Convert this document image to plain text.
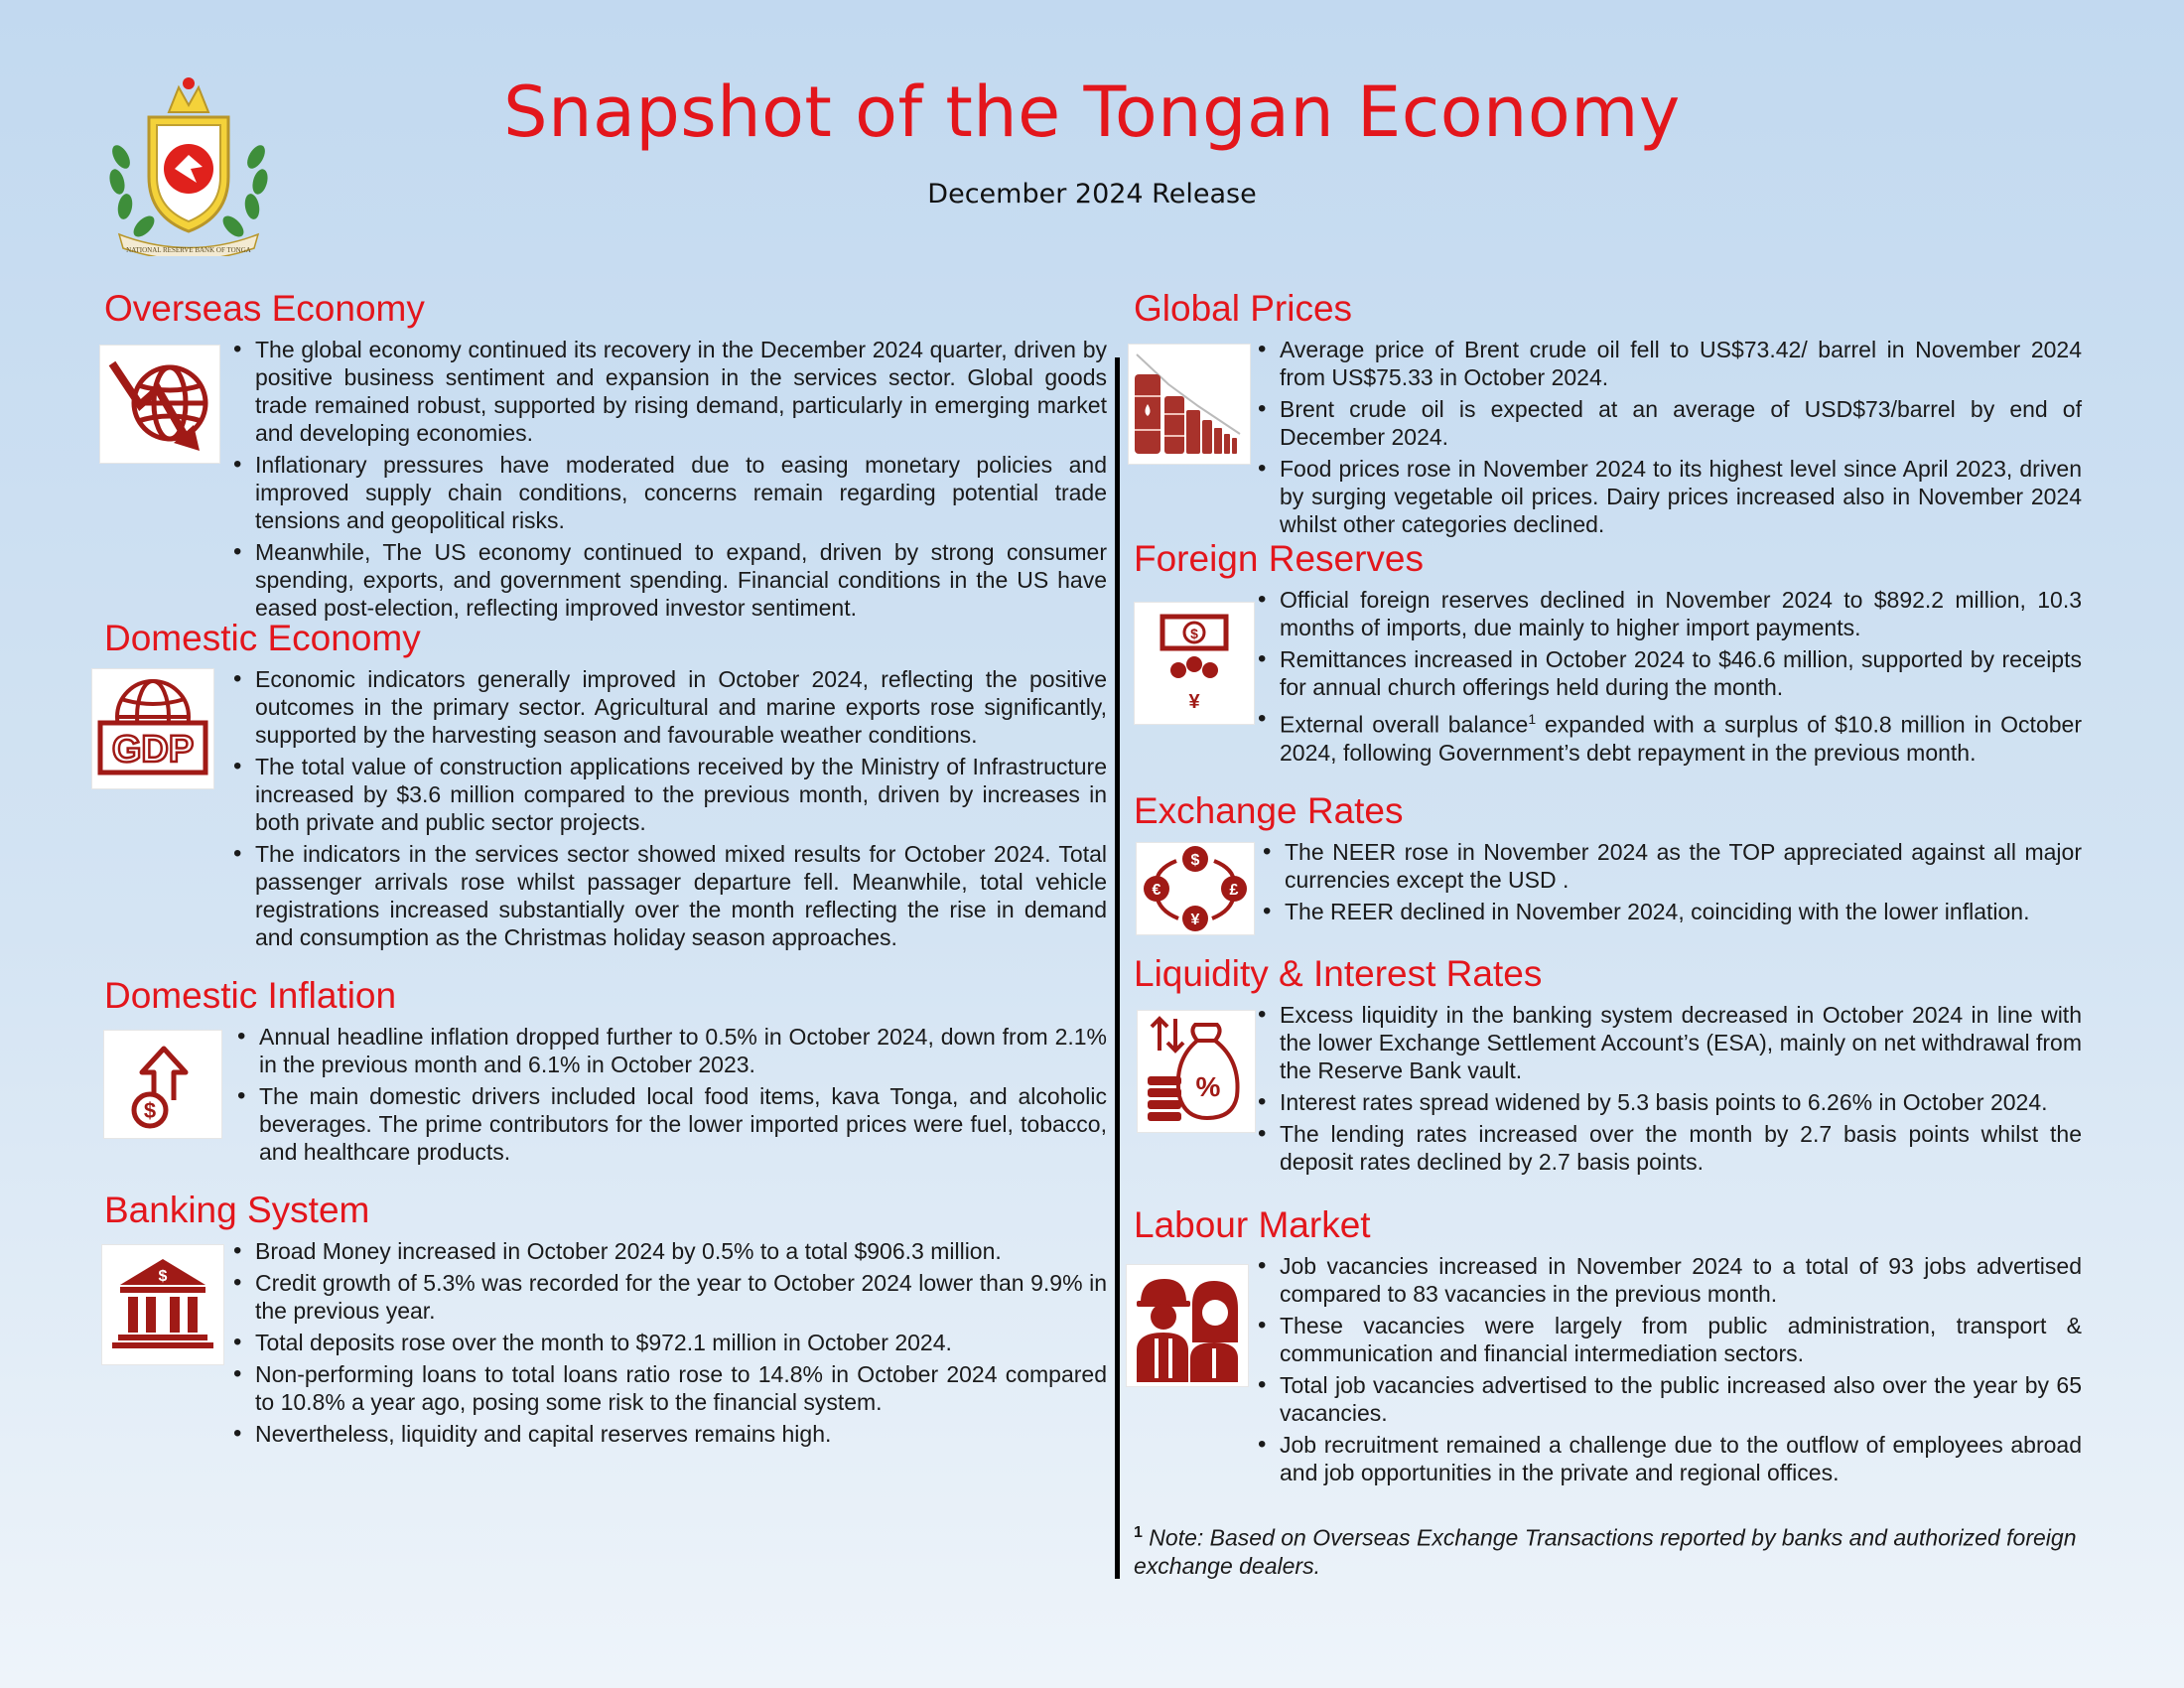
NATIONAL RESERVE BANK OF TONGA
Snapshot of the Tongan Economy
December 2024 Release
Overseas Economy
• The global economy continued its recovery in the December 2024 quarter, driven by positive business sentiment and expansion in the services sector. Global goods trade remained robust, supported by rising demand, particularly in emerging market and developing economies.
• Inflationary pressures have moderated due to easing monetary policies and improved supply chain conditions, concerns remain regarding potential trade tensions and geopolitical risks.
• Meanwhile, The US economy continued to expand, driven by strong consumer spending, exports, and government spending. Financial conditions in the US have eased post-election, reflecting improved investor sentiment.
Domestic Economy
GDP
• Economic indicators generally improved in October 2024, reflecting the positive outcomes in the primary sector. Agricultural and marine exports rose significantly, supported by the harvesting season and favourable weather conditions.
• The total value of construction applications received by the Ministry of Infrastructure increased by $3.6 million compared to the previous month, driven by increases in both private and public sector projects.
• The indicators in the services sector showed mixed results for October 2024. Total passenger arrivals rose whilst passager departure fell. Meanwhile, total vehicle registrations increased substantially over the month reflecting the rise in demand and consumption as the Christmas holiday season approaches.
Domestic Inflation
$
• Annual headline inflation dropped further to 0.5% in October 2024, down from 2.1% in the previous month and 6.1% in October 2023.
• The main domestic drivers included local food items, kava Tonga, and alcoholic beverages. The prime contributors for the lower imported prices were fuel, tobacco, and healthcare products.
Banking System
$
• Broad Money increased in October 2024 by 0.5% to a total $906.3 million.
• Credit growth of 5.3% was recorded for the year to October 2024 lower than 9.9% in the previous year.
• Total deposits rose over the month to $972.1 million in October 2024.
• Non-performing loans to total loans ratio rose to 14.8% in October 2024 compared to 10.8% a year ago, posing some risk to the financial system.
• Nevertheless, liquidity and capital reserves remains high.
Global Prices
• Average price of Brent crude oil fell to US$73.42/ barrel in November 2024 from US$75.33 in October 2024.
• Brent crude oil is expected at an average of USD$73/barrel by end of December 2024.
• Food prices rose in November 2024 to its highest level since April 2023, driven by surging vegetable oil prices. Dairy prices increased also in November 2024 whilst other categories declined.
Foreign Reserves
$
¥
• Official foreign reserves declined in November 2024 to $892.2 million, 10.3 months of imports, due mainly to higher import payments.
• Remittances increased in October 2024 to $46.6 million, supported by receipts for annual church offerings held during the month.
• External overall balance$^1$ expanded with a surplus of $10.8 million in October 2024, following Government’s debt repayment in the previous month.
Exchange Rates
$
€	£
¥
• The NEER rose in November 2024 as the TOP appreciated against all major currencies except the USD .
• The REER declined in November 2024, coinciding with the lower inflation.
Liquidity & Interest Rates
%
• Excess liquidity in the banking system decreased in October 2024 in line with the lower Exchange Settlement Account’s (ESA), mainly on net withdrawal from the Reserve Bank vault.
• Interest rates spread widened by 5.3 basis points to 6.26% in October 2024.
• The lending rates increased over the month by 2.7 basis points whilst the deposit rates declined by 2.7 basis points.
Labour Market
• Job vacancies increased in November 2024 to a total of 93 jobs advertised compared to 83 vacancies in the previous month.
• These vacancies were largely from public administration, transport & communication and financial intermediation sectors.
• Total job vacancies advertised to the public increased also over the year by 65 vacancies.
• Job recruitment remained a challenge due to the outflow of employees abroad and job opportunities in the private and regional offices.
$^1$ Note: Based on Overseas Exchange Transactions reported by banks and authorized foreign exchange dealers.
